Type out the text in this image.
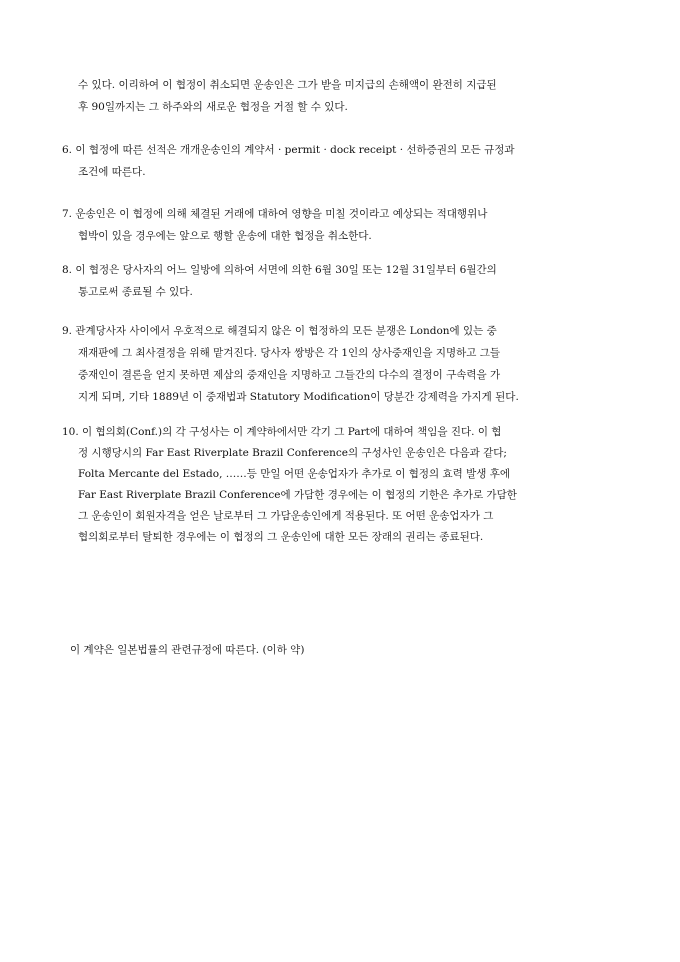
수 있다. 이리하여 이 협정이 취소되면 운송인은 그가 받을 미지급의 손해액이 완전히 지급된
후 90일까지는 그 하주와의 새로운 협정을 거절 할 수 있다.
6. 이 협정에 따른 선적은 개개운송인의 계약서 · permit · dock receipt · 선하증권의 모든 규정과
조건에 따른다.
7. 운송인은 이 협정에 의해 체결된 거래에 대하여 영향을 미칠 것이라고 예상되는 적대행위나
협박이 있을 경우에는 앞으로 행할 운송에 대한 협정을 취소한다.
8. 이 협정은 당사자의 어느 일방에 의하여 서면에 의한 6월 30일 또는 12월 31일부터 6월간의
통고로써 종료될 수 있다.
9. 관계당사자 사이에서 우호적으로 해결되지 않은 이 협정하의 모든 분쟁은 London에 있는 중
재재판에 그 최사결정을 위해 맡겨진다. 당사자 쌍방은 각 1인의 상사중재인을 지명하고 그들
중재인이 결론을 얻지 못하면 제삼의 중재인을 지명하고 그들간의 다수의 결정이 구속력을 가
지게 되며, 기타 1889년 이 중재법과 Statutory Modification이 당분간 강제력을 가지게 된다.
10. 이 협의회(Conf.)의 각 구성사는 이 계약하에서만 각기 그 Part에 대하여 책임을 진다. 이 협
정 시행당시의 Far East Riverplate Brazil Conference의 구성사인 운송인은 다음과 같다;
Folta Mercante del Estado, ……등 만일 어떤 운송업자가 추가로 이 협정의 효력 발생 후에
Far East Riverplate Brazil Conference에 가담한 경우에는 이 협정의 기한은 추가로 가담한
그 운송인이 회원자격을 얻은 날로부터 그 가담운송인에게 적용된다. 또 어떤 운송업자가 그
협의회로부터 탈퇴한 경우에는 이 협정의 그 운송인에 대한 모든 장래의 권리는 종료된다.
이 계약은 일본법률의 관련규정에 따른다. (이하 약)
